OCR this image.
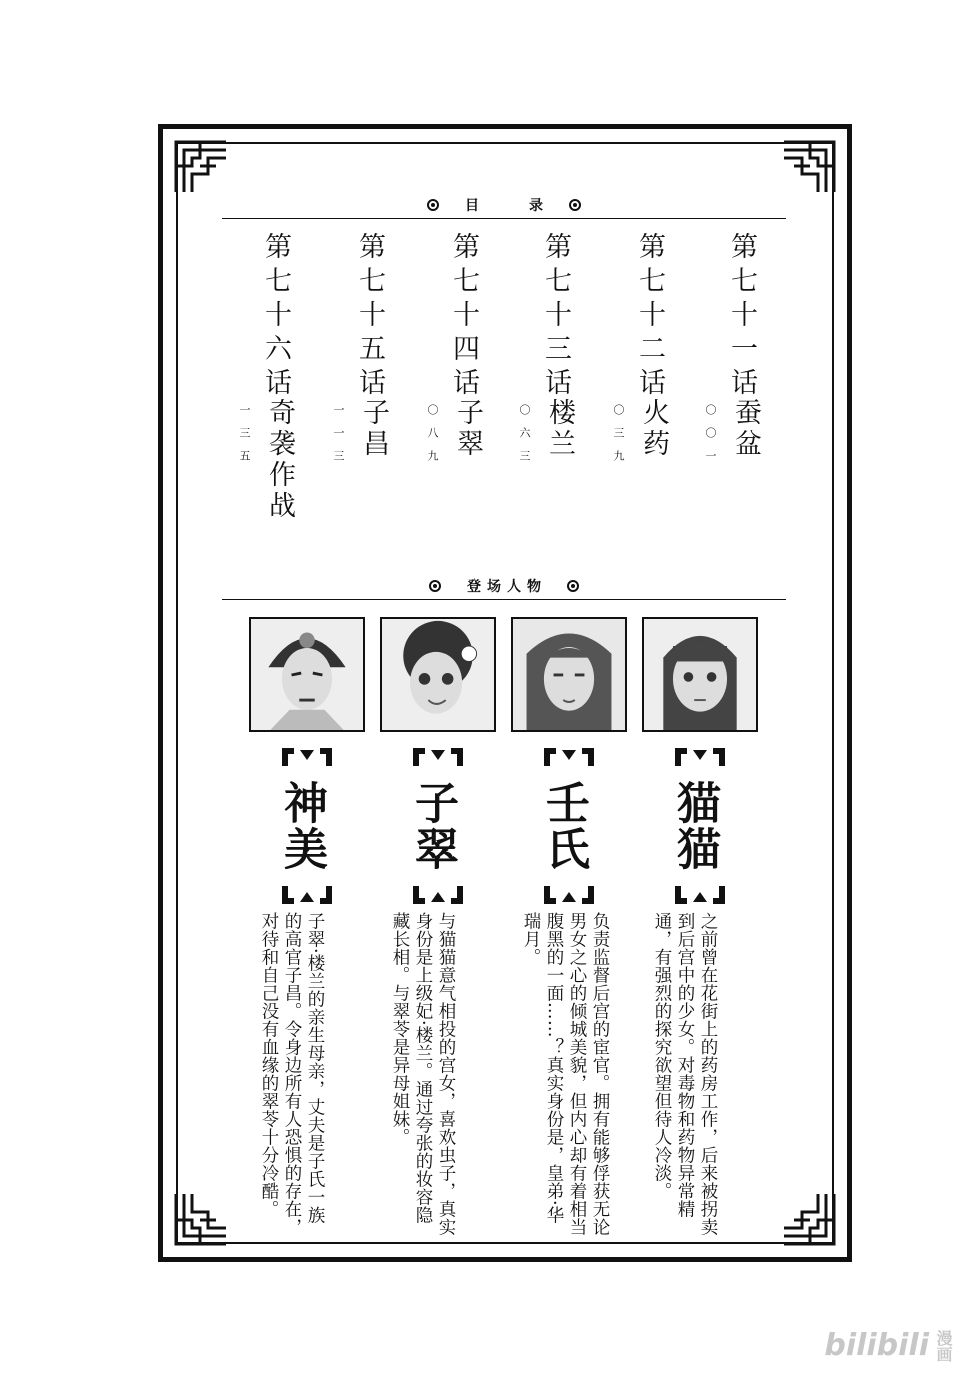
目　录
第七十一话
蚕盆
〇〇一
第七十二话
火药
〇三九
第七十三话
楼兰
〇六三
第七十四话
子翠
〇八九
第七十五话
子昌
一一三
第七十六话
奇袭作战
一三五
登场人物
猫猫
壬氏
子翠
神美
之前曾在花街上的药房工作，后来被拐卖到后宫中的少女。对毒物和药物异常精通，有强烈的探究欲望但待人冷淡。
负责监督后宫的宦官。拥有能够俘获无论男女之心的倾城美貌，但内心却有着相当腹黑的一面……？真实身份是，皇弟·华瑞月。
与猫猫意气相投的宫女，喜欢虫子，真实身份是上级妃·楼兰。通过夸张的妆容隐藏长相。与翠苓是异母姐妹。
子翠·楼兰的亲生母亲，丈夫是子氏一族的高官子昌。令身边所有人恐惧的存在，对待和自己没有血缘的翠苓十分冷酷。
bilibili 漫画
